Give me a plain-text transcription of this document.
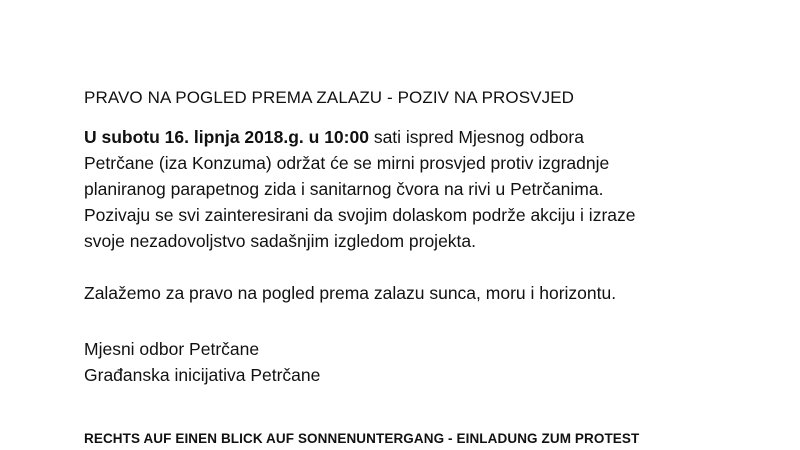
PRAVO NA POGLED PREMA ZALAZU - POZIV NA PROSVJED
U subotu 16. lipnja 2018.g. u 10:00 sati ispred Mjesnog odbora
Petrčane (iza Konzuma) održat će se mirni prosvjed protiv izgradnje
planiranog parapetnog zida i sanitarnog čvora na rivi u Petrčanima.
Pozivaju se svi zainteresirani da svojim dolaskom podrže akciju i izraze
svoje nezadovoljstvo sadašnjim izgledom projekta.
Zalažemo za pravo na pogled prema zalazu sunca, moru i horizontu.
Mjesni odbor Petrčane
Građanska inicijativa Petrčane
RECHTS AUF EINEN BLICK AUF SONNENUNTERGANG - EINLADUNG ZUM PROTEST
